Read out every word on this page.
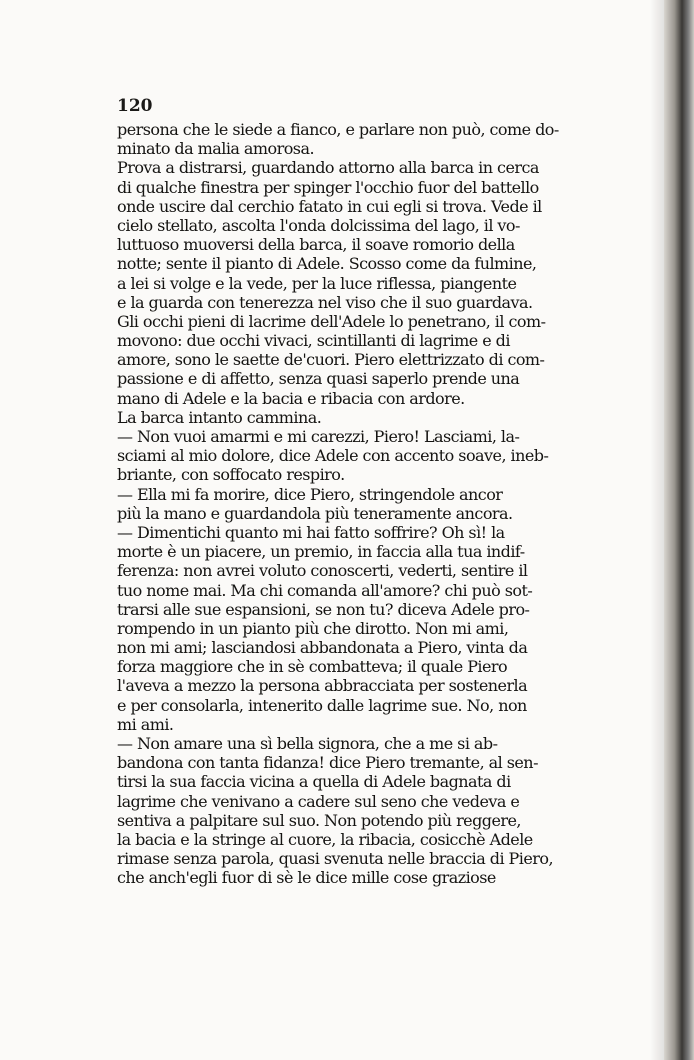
120

persona che le siede a fianco, e parlare non può, come do-
minato da malia amorosa.
Prova a distrarsi, guardando attorno alla barca in cerca
di qualche finestra per spinger l'occhio fuor del battello
onde uscire dal cerchio fatato in cui egli si trova. Vede il
cielo stellato, ascolta l'onda dolcissima del lago, il vo-
luttuoso muoversi della barca, il soave romorio della
notte; sente il pianto di Adele. Scosso come da fulmine,
a lei si volge e la vede, per la luce riflessa, piangente
e la guarda con tenerezza nel viso che il suo guardava.
Gli occhi pieni di lacrime dell'Adele lo penetrano, il com-
movono: due occhi vivaci, scintillanti di lagrime e di
amore, sono le saette de'cuori. Piero elettrizzato di com-
passione e di affetto, senza quasi saperlo prende una
mano di Adele e la bacia e ribacia con ardore.
La barca intanto cammina.
— Non vuoi amarmi e mi carezzi, Piero! Lasciami, la-
sciami al mio dolore, dice Adele con accento soave, ineb-
briante, con soffocato respiro.
— Ella mi fa morire, dice Piero, stringendole ancor
più la mano e guardandola più teneramente ancora.
— Dimentichi quanto mi hai fatto soffrire? Oh sì! la
morte è un piacere, un premio, in faccia alla tua indif-
ferenza: non avrei voluto conoscerti, vederti, sentire il
tuo nome mai. Ma chi comanda all'amore? chi può sot-
trarsi alle sue espansioni, se non tu? diceva Adele pro-
rompendo in un pianto più che dirotto. Non mi ami,
non mi ami; lasciandosi abbandonata a Piero, vinta da
forza maggiore che in sè combatteva; il quale Piero
l'aveva a mezzo la persona abbracciata per sostenerla
e per consolarla, intenerito dalle lagrime sue. No, non
mi ami.
— Non amare una sì bella signora, che a me si ab-
bandona con tanta fidanza! dice Piero tremante, al sen-
tirsi la sua faccia vicina a quella di Adele bagnata di
lagrime che venivano a cadere sul seno che vedeva e
sentiva a palpitare sul suo. Non potendo più reggere,
la bacia e la stringe al cuore, la ribacia, cosicchè Adele
rimase senza parola, quasi svenuta nelle braccia di Piero,
che anch'egli fuor di sè le dice mille cose graziose
